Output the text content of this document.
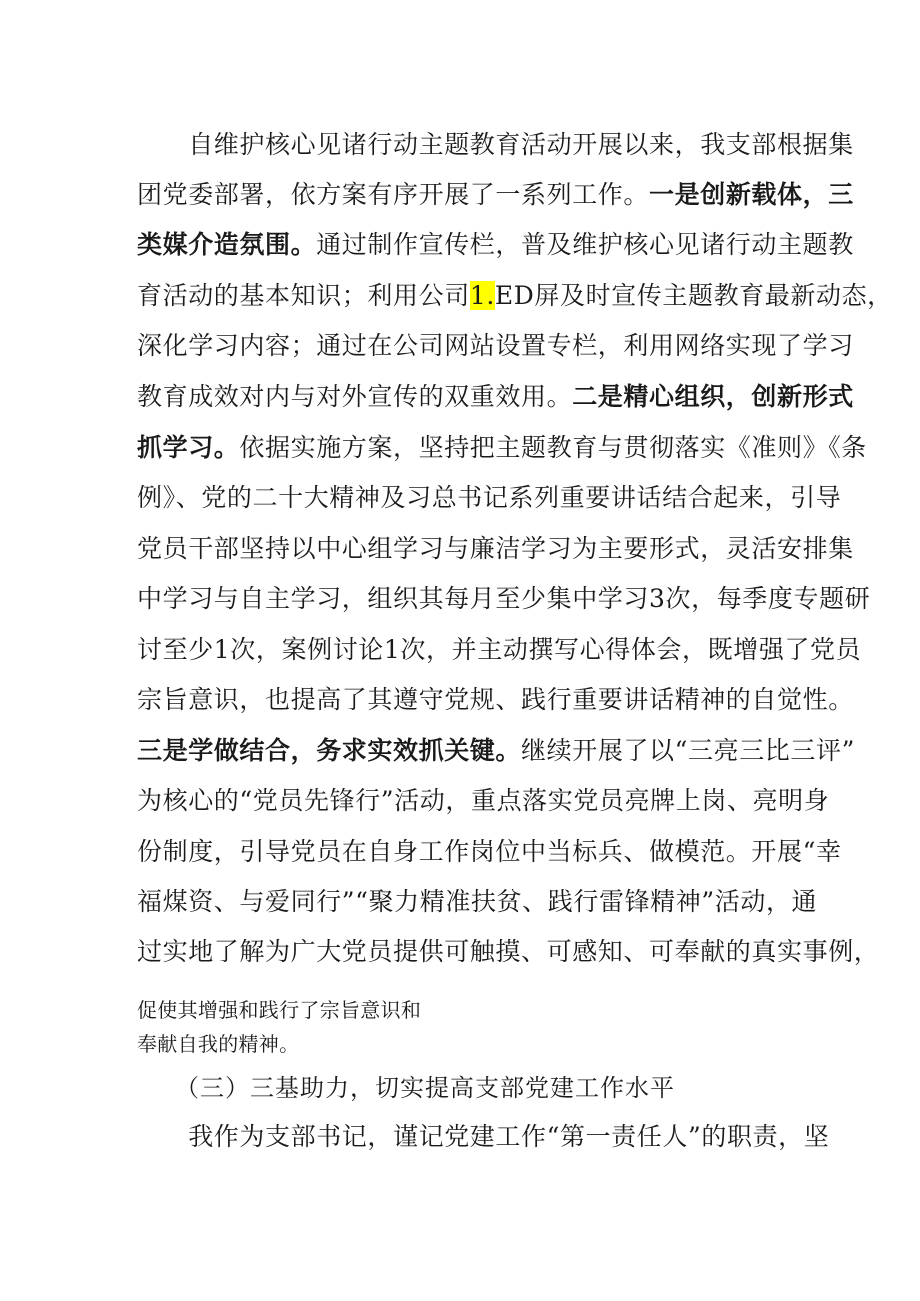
　　自维护核心见诸行动主题教育活动开展以来，我支部根据集
团党委部署，依方案有序开展了一系列工作。一是创新载体，三
类媒介造氛围。通过制作宣传栏，普及维护核心见诸行动主题教
育活动的基本知识；利用公司1.ED屏及时宣传主题教育最新动态，
深化学习内容；通过在公司网站设置专栏，利用网络实现了学习
教育成效对内与对外宣传的双重效用。二是精心组织，创新形式
抓学习。依据实施方案，坚持把主题教育与贯彻落实《准则》《条
例》、党的二十大精神及习总书记系列重要讲话结合起来，引导
党员干部坚持以中心组学习与廉洁学习为主要形式，灵活安排集
中学习与自主学习，组织其每月至少集中学习3次，每季度专题研
讨至少1次，案例讨论1次，并主动撰写心得体会，既增强了党员
宗旨意识，也提高了其遵守党规、践行重要讲话精神的自觉性。
三是学做结合，务求实效抓关键。继续开展了以“三亮三比三评”
为核心的“党员先锋行”活动，重点落实党员亮牌上岗、亮明身
份制度，引导党员在自身工作岗位中当标兵、做模范。开展“幸
福煤资、与爱同行”“聚力精准扶贫、践行雷锋精神”活动，通
过实地了解为广大党员提供可触摸、可感知、可奉献的真实事例，
促使其增强和践行了宗旨意识和
奉献自我的精神。
　　（三）三基助力，切实提高支部党建工作水平
　　我作为支部书记，谨记党建工作“第一责任人”的职责，坚
